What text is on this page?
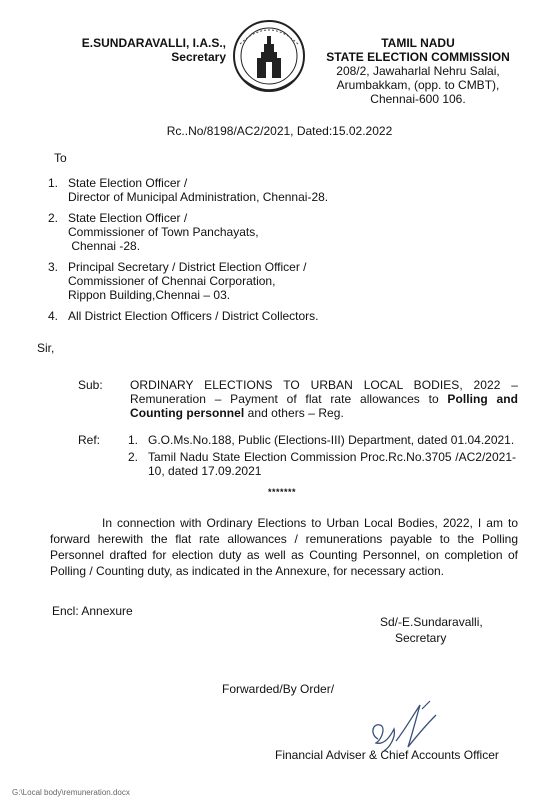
E.SUNDARAVALLI, I.A.S.,
Secretary
TAMIL NADU
STATE ELECTION COMMISSION
208/2, Jawaharlal Nehru Salai,
Arumbakkam, (opp. to CMBT),
Chennai-600 106.
Rc..No/8198/AC2/2021, Dated:15.02.2022
To
1. State Election Officer /
Director of Municipal Administration, Chennai-28.
2. State Election Officer /
Commissioner of Town Panchayats,
Chennai -28.
3. Principal Secretary / District Election Officer /
Commissioner of Chennai Corporation,
Rippon Building,Chennai – 03.
4. All District Election Officers / District Collectors.
Sir,
Sub: ORDINARY ELECTIONS TO URBAN LOCAL BODIES, 2022 – Remuneration – Payment of flat rate allowances to Polling and Counting personnel and others – Reg.
Ref: 1. G.O.Ms.No.188, Public (Elections-III) Department, dated 01.04.2021.
2. Tamil Nadu State Election Commission Proc.Rc.No.3705 /AC2/2021-10, dated 17.09.2021
*******
In connection with Ordinary Elections to Urban Local Bodies, 2022, I am to forward herewith the flat rate allowances / remunerations payable to the Polling Personnel drafted for election duty as well as Counting Personnel, on completion of Polling / Counting duty, as indicated in the Annexure, for necessary action.
Encl: Annexure
Sd/-E.Sundaravalli,
Secretary
Forwarded/By Order/
Financial Adviser & Chief Accounts Officer
G:\Local body\remuneration.docx
